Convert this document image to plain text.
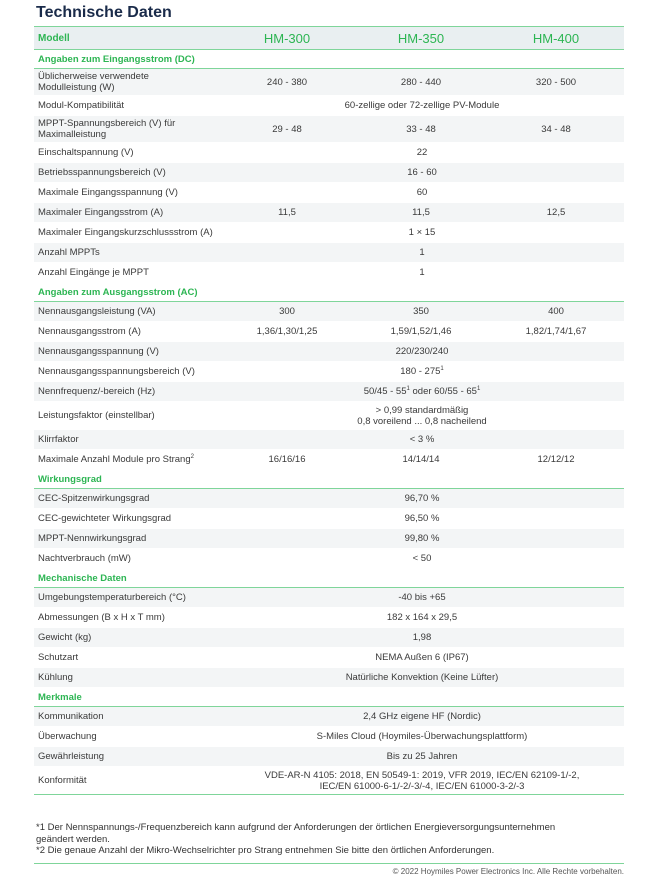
Technische Daten
Modell	HM-300	HM-350	HM-400
Angaben zum Eingangsstrom (DC)			
Üblicherweise verwendete
Modulleistung (W)	240 - 380	280 - 440	320 - 500
Modul-Kompatibilität	60-zellige oder 72-zellige PV-Module		
MPPT-Spannungsbereich (V) für
Maximalleistung	29 - 48	33 - 48	34 - 48
Einschaltspannung (V)	22		
Betriebsspannungsbereich (V)	16 - 60		
Maximale Eingangsspannung (V)	60		
Maximaler Eingangsstrom (A)	11,5	11,5	12,5
Maximaler Eingangskurzschlussstrom (A)	1 × 15		
Anzahl MPPTs	1		
Anzahl Eingänge je MPPT	1		
Angaben zum Ausgangsstrom (AC)			
Nennausgangsleistung (VA)	300	350	400
Nennausgangsstrom (A)	1,36/1,30/1,25	1,59/1,52/1,46	1,82/1,74/1,67
Nennausgangsspannung (V)	220/230/240		
Nennausgangsspannungsbereich (V)	$180 - 275^1$
Nennfrequenz/-bereich (Hz)	$50/45 - 55^1$ oder $60/55 - 65^1$
Leistungsfaktor (einstellbar)	> 0,99 standardmäßig
0,8 voreilend ... 0,8 nacheilend		
Klirrfaktor	< 3 %		
Maximale Anzahl Module pro Strang$^2$	16/16/16	14/14/14	12/12/12
Wirkungsgrad			
CEC-Spitzenwirkungsgrad	96,70 %		
CEC-gewichteter Wirkungsgrad	96,50 %		
MPPT-Nennwirkungsgrad	99,80 %		
Nachtverbrauch (mW)	< 50		
Mechanische Daten			
Umgebungstemperaturbereich (°C)	-40 bis +65		
Abmessungen (B x H x T mm)	182 x 164 x 29,5		
Gewicht (kg)	1,98		
Schutzart	NEMA Außen 6 (IP67)		
Kühlung	Natürliche Konvektion (Keine Lüfter)		
Merkmale			
Kommunikation	2,4 GHz eigene HF (Nordic)		
Überwachung	S-Miles Cloud (Hoymiles-Überwachungsplattform)		
Gewährleistung	Bis zu 25 Jahren		
Konformität	VDE-AR-N 4105: 2018, EN 50549-1: 2019, VFR 2019, IEC/EN 62109-1/-2,
IEC/EN 61000-6-1/-2/-3/-4, IEC/EN 61000-3-2/-3		
*1 Der Nennspannungs-/Frequenzbereich kann aufgrund der Anforderungen der örtlichen Energieversorgungsunternehmen
geändert werden.
*2 Die genaue Anzahl der Mikro-Wechselrichter pro Strang entnehmen Sie bitte den örtlichen Anforderungen.
© 2022 Hoymiles Power Electronics Inc. Alle Rechte vorbehalten.
